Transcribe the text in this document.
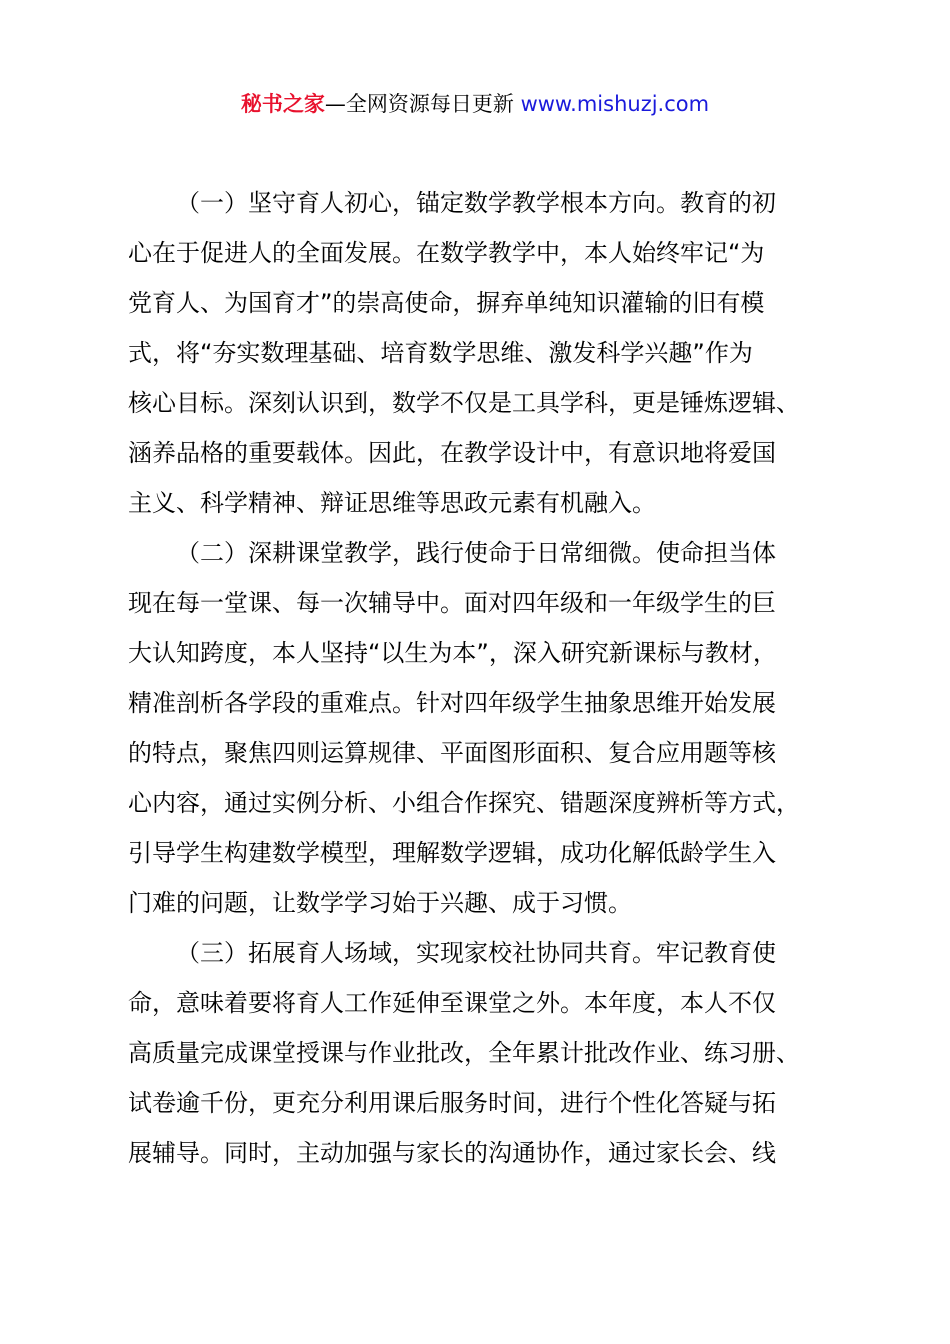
秘书之家—全网资源每日更新 www.mishuzj.com

（一）坚守育人初心，锚定数学教学根本方向。教育的初
心在于促进人的全面发展。在数学教学中，本人始终牢记“为
党育人、为国育才”的崇高使命，摒弃单纯知识灌输的旧有模
式，将“夯实数理基础、培育数学思维、激发科学兴趣”作为
核心目标。深刻认识到，数学不仅是工具学科，更是锤炼逻辑、
涵养品格的重要载体。因此，在教学设计中，有意识地将爱国
主义、科学精神、辩证思维等思政元素有机融入。

（二）深耕课堂教学，践行使命于日常细微。使命担当体
现在每一堂课、每一次辅导中。面对四年级和一年级学生的巨
大认知跨度，本人坚持“以生为本”，深入研究新课标与教材，
精准剖析各学段的重难点。针对四年级学生抽象思维开始发展
的特点，聚焦四则运算规律、平面图形面积、复合应用题等核
心内容，通过实例分析、小组合作探究、错题深度辨析等方式，
引导学生构建数学模型，理解数学逻辑，成功化解低龄学生入
门难的问题，让数学学习始于兴趣、成于习惯。

（三）拓展育人场域，实现家校社协同共育。牢记教育使
命，意味着要将育人工作延伸至课堂之外。本年度，本人不仅
高质量完成课堂授课与作业批改，全年累计批改作业、练习册、
试卷逾千份，更充分利用课后服务时间，进行个性化答疑与拓
展辅导。同时，主动加强与家长的沟通协作，通过家长会、线
